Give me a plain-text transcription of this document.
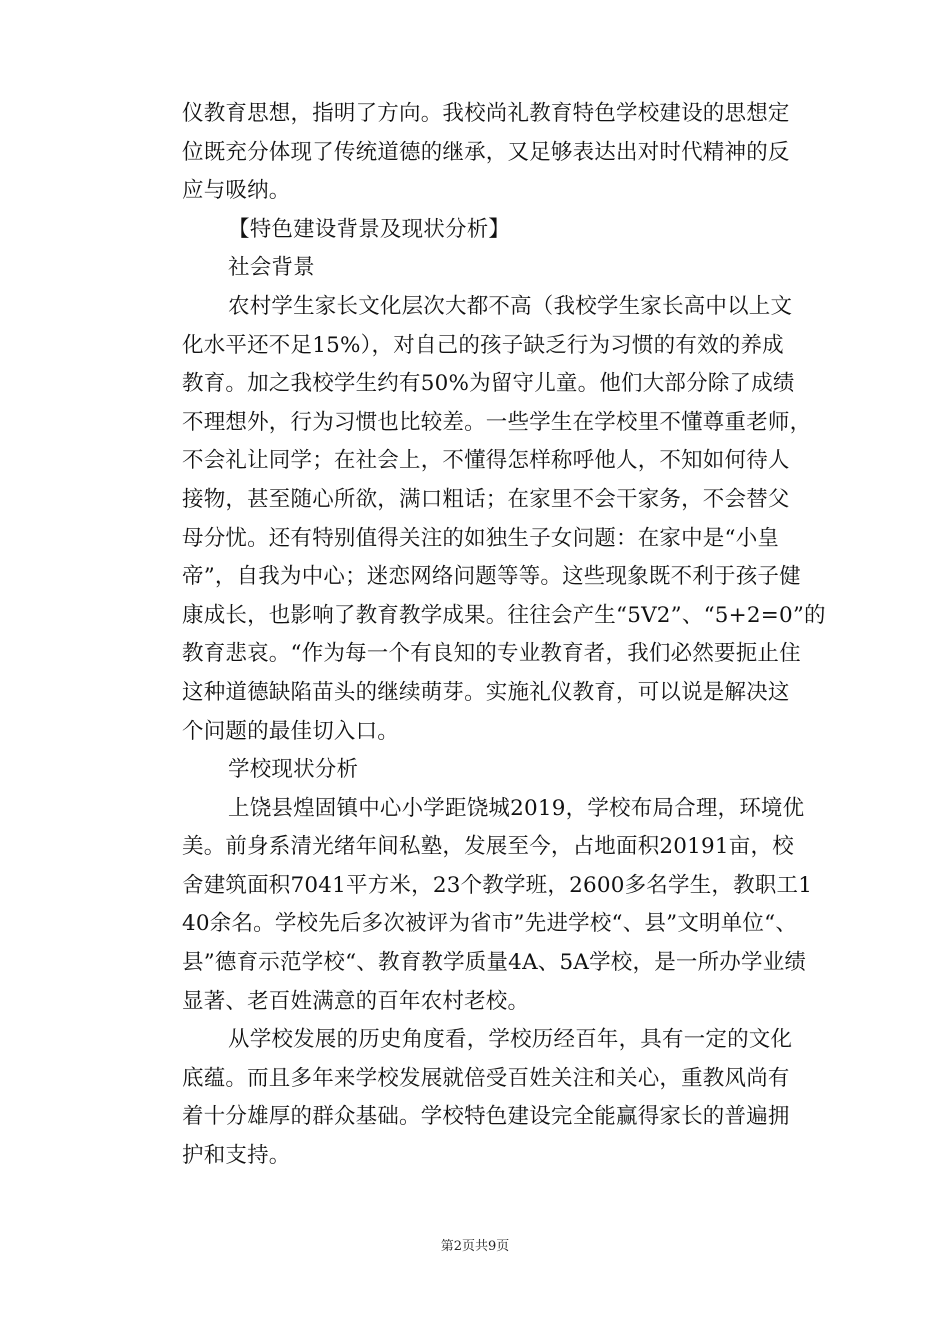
仪教育思想，指明了方向。我校尚礼教育特色学校建设的思想定
位既充分体现了传统道德的继承，又足够表达出对时代精神的反
应与吸纳。
【特色建设背景及现状分析】
社会背景
农村学生家长文化层次大都不高（我校学生家长高中以上文
化水平还不足15%），对自己的孩子缺乏行为习惯的有效的养成
教育。加之我校学生约有50%为留守儿童。他们大部分除了成绩
不理想外，行为习惯也比较差。一些学生在学校里不懂尊重老师，
不会礼让同学；在社会上，不懂得怎样称呼他人，不知如何待人
接物，甚至随心所欲，满口粗话；在家里不会干家务，不会替父
母分忧。还有特别值得关注的如独生子女问题：在家中是“小皇
帝”，自我为中心；迷恋网络问题等等。这些现象既不利于孩子健
康成长，也影响了教育教学成果。往往会产生“5V2”、“5+2=0”的
教育悲哀。“作为每一个有良知的专业教育者，我们必然要扼止住
这种道德缺陷苗头的继续萌芽。实施礼仪教育，可以说是解决这
个问题的最佳切入口。
学校现状分析
上饶县煌固镇中心小学距饶城2019，学校布局合理，环境优
美。前身系清光绪年间私塾，发展至今，占地面积20191亩，校
舍建筑面积7041平方米，23个教学班，2600多名学生，教职工1
40余名。学校先后多次被评为省市”先进学校“、县”文明单位“、
县”德育示范学校“、教育教学质量4A、5A学校，是一所办学业绩
显著、老百姓满意的百年农村老校。
从学校发展的历史角度看，学校历经百年，具有一定的文化
底蕴。而且多年来学校发展就倍受百姓关注和关心，重教风尚有
着十分雄厚的群众基础。学校特色建设完全能赢得家长的普遍拥
护和支持。
第2页共9页
